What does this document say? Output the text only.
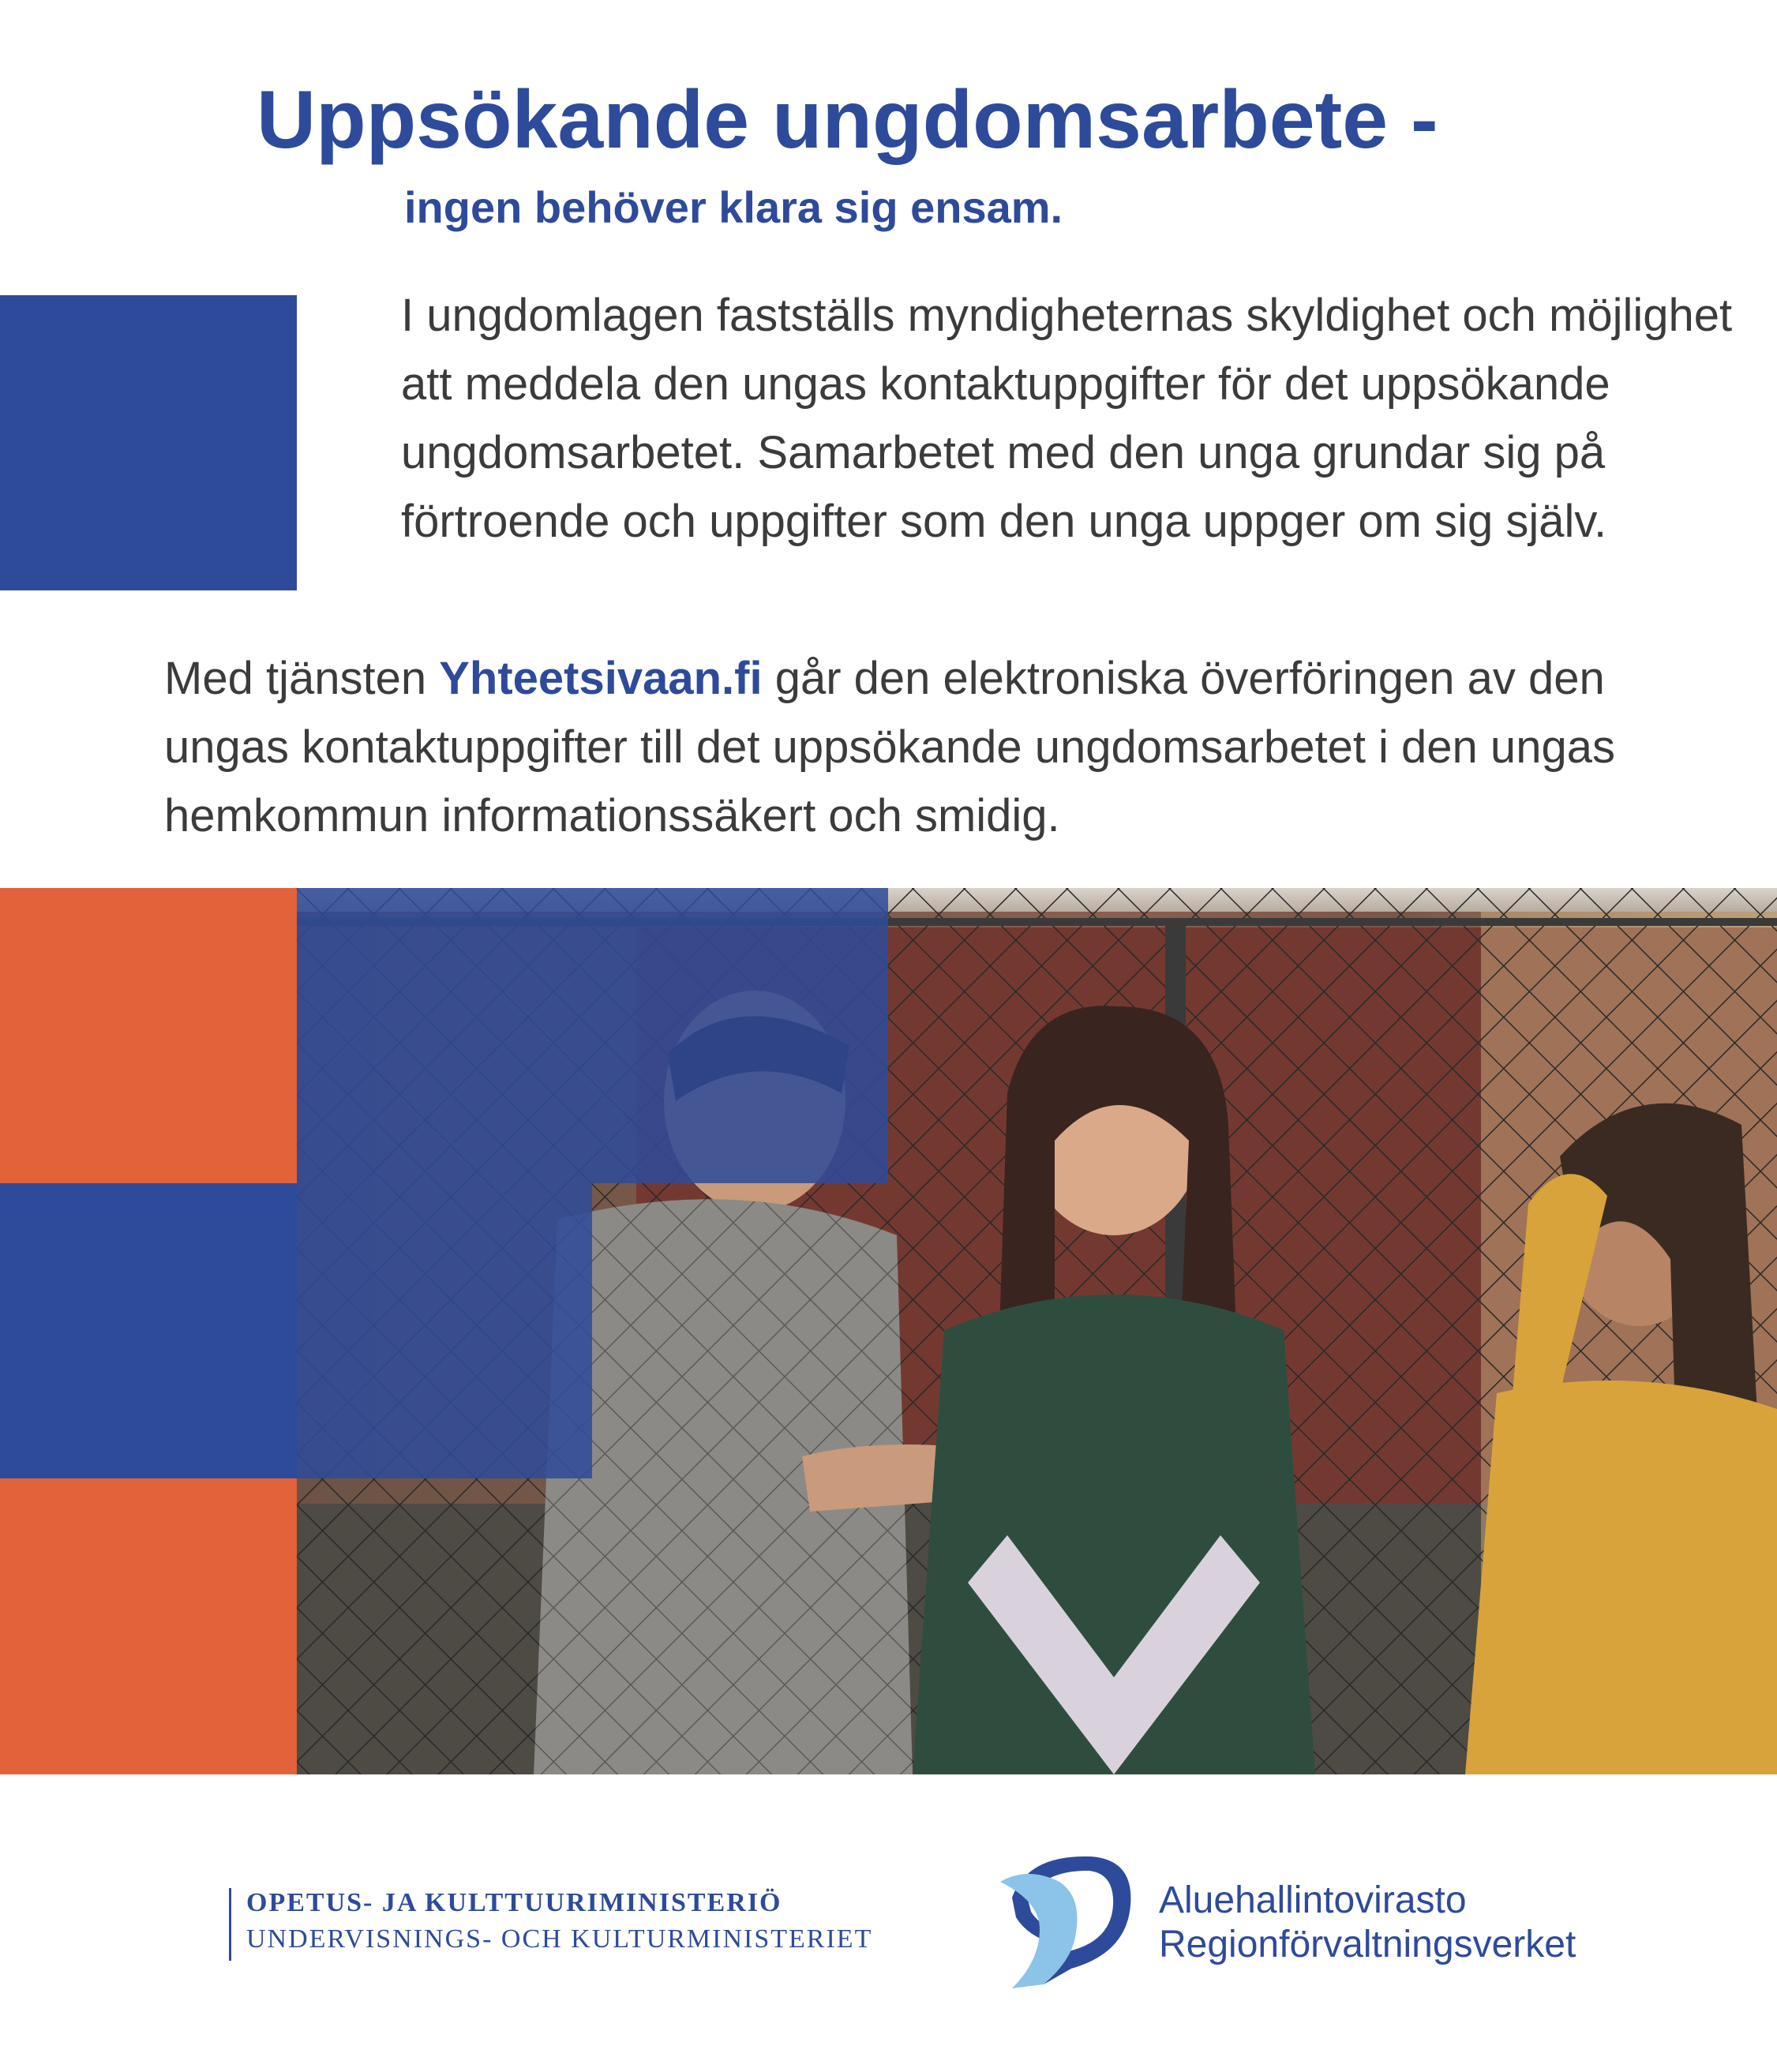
Uppsökande ungdomsarbete -
ingen behöver klara sig ensam.

I ungdomlagen fastställs myndigheternas skyldighet och möjlighet att meddela den ungas kontaktuppgifter för det uppsökande ungdomsarbetet. Samarbetet med den unga grundar sig på förtroende och uppgifter som den unga uppger om sig själv.

Med tjänsten Yhteetsivaan.fi går den elektroniska överföringen av den ungas kontaktuppgifter till det uppsökande ungdomsarbetet i den ungas hemkommun informationssäkert och smidig.

OPETUS- JA KULTTUURIMINISTERIÖ
UNDERVISNINGS- OCH KULTURMINISTERIET
Aluehallintovirasto
Regionförvaltningsverket
